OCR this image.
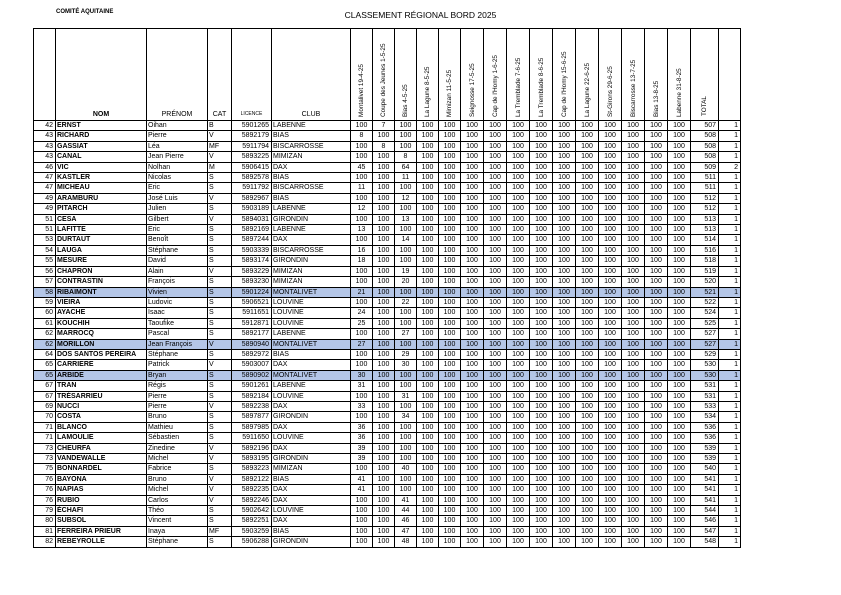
COMITÉ AQUITAINE	CLASSEMENT RÉGIONAL BORD 2025
	NOM	PRÉNOM	CAT	LICENCE	CLUB	Montalivet 19-4-25	Coupe des Jeunes 1-5-25	Bias 4-5-25	La Lagune 8-5-25	Mimizan 11-5-25	Seignosse 17-5-25	Cap de l'Homy 1-6-25	La Tremblade 7-6-25	La Tremblade 8-6-25	Cap de l'Homy 15-6-25	La Lagune 22-6-25	St-Girons 29-6-25	Biscarrosse 13-7-25	Bias 13-8-25	Labenne 31-8-25	TOTAL	
42	ERNST	Oihan	B	5901265	LABENNE	100	7	100	100	100	100	100	100	100	100	100	100	100	100	100	507	1
43	RICHARD	Pierre	V	5892179	BIAS	8	100	100	100	100	100	100	100	100	100	100	100	100	100	100	508	1
43	GASSIAT	Léa	MF	5911794	BISCARROSSE	100	8	100	100	100	100	100	100	100	100	100	100	100	100	100	508	1
43	CANAL	Jean Pierre	V	5893225	MIMIZAN	100	100	8	100	100	100	100	100	100	100	100	100	100	100	100	508	1
46	VIC	Nolhan	M	5906415	DAX	45	100	64	100	100	100	100	100	100	100	100	100	100	100	100	509	2
47	KASTLER	Nicolas	S	5892578	BIAS	100	100	11	100	100	100	100	100	100	100	100	100	100	100	100	511	1
47	MICHEAU	Eric	S	5911792	BISCARROSSE	11	100	100	100	100	100	100	100	100	100	100	100	100	100	100	511	1
49	ARAMBURU	José Luis	V	5892967	BIAS	100	100	12	100	100	100	100	100	100	100	100	100	100	100	100	512	1
49	PITARCH	Julien	S	5903189	LABENNE	12	100	100	100	100	100	100	100	100	100	100	100	100	100	100	512	1
51	CESA	Gilbert	V	5894031	GIRONDIN	100	100	13	100	100	100	100	100	100	100	100	100	100	100	100	513	1
51	LAFITTE	Eric	S	5892169	LABENNE	13	100	100	100	100	100	100	100	100	100	100	100	100	100	100	513	1
53	DURTAUT	Benoît	S	5897244	DAX	100	100	14	100	100	100	100	100	100	100	100	100	100	100	100	514	1
54	LAUGA	Stéphane	S	5903339	BISCARROSSE	16	100	100	100	100	100	100	100	100	100	100	100	100	100	100	516	1
55	MESURE	David	S	5893174	GIRONDIN	18	100	100	100	100	100	100	100	100	100	100	100	100	100	100	518	1
56	CHAPRON	Alain	V	5893229	MIMIZAN	100	100	19	100	100	100	100	100	100	100	100	100	100	100	100	519	1
57	CONTRASTIN	François	S	5893230	MIMIZAN	100	100	20	100	100	100	100	100	100	100	100	100	100	100	100	520	1
58	RIBAIMONT	Vivien	S	5901224	MONTALIVET	21	100	100	100	100	100	100	100	100	100	100	100	100	100	100	521	1
59	VIEIRA	Ludovic	S	5906521	LOUVINE	100	100	22	100	100	100	100	100	100	100	100	100	100	100	100	522	1
60	AYACHE	Isaac	S	5911651	LOUVINE	24	100	100	100	100	100	100	100	100	100	100	100	100	100	100	524	1
61	KOUCHIH	Taoufike	S	5912871	LOUVINE	25	100	100	100	100	100	100	100	100	100	100	100	100	100	100	525	1
62	MARROCQ	Pascal	S	5892177	LABENNE	100	100	27	100	100	100	100	100	100	100	100	100	100	100	100	527	1
62	MORILLON	Jean François	V	5890940	MONTALIVET	27	100	100	100	100	100	100	100	100	100	100	100	100	100	100	527	1
64	DOS SANTOS PEREIRA	Stéphane	S	5892972	BIAS	100	100	29	100	100	100	100	100	100	100	100	100	100	100	100	529	1
65	CARRIERE	Patrick	V	5903007	DAX	100	100	30	100	100	100	100	100	100	100	100	100	100	100	100	530	1
65	ARBIDE	Bryan	S	5890902	MONTALIVET	30	100	100	100	100	100	100	100	100	100	100	100	100	100	100	530	1
67	TRAN	Régis	S	5901261	LABENNE	31	100	100	100	100	100	100	100	100	100	100	100	100	100	100	531	1
67	TRÉSARRIEU	Pierre	S	5892184	LOUVINE	100	100	31	100	100	100	100	100	100	100	100	100	100	100	100	531	1
69	NUCCI	Pierre	V	5892238	DAX	33	100	100	100	100	100	100	100	100	100	100	100	100	100	100	533	1
70	COSTA	Bruno	S	5897877	GIRONDIN	100	100	34	100	100	100	100	100	100	100	100	100	100	100	100	534	1
71	BLANCO	Mathieu	S	5897985	DAX	36	100	100	100	100	100	100	100	100	100	100	100	100	100	100	536	1
71	LAMOULIE	Sébastien	S	5911650	LOUVINE	36	100	100	100	100	100	100	100	100	100	100	100	100	100	100	536	1
73	CHEURFA	Zinedine	V	5892196	DAX	39	100	100	100	100	100	100	100	100	100	100	100	100	100	100	539	1
73	VANDEWALLE	Michel	V	5893195	GIRONDIN	39	100	100	100	100	100	100	100	100	100	100	100	100	100	100	539	1
75	BONNARDEL	Fabrice	S	5893223	MIMIZAN	100	100	40	100	100	100	100	100	100	100	100	100	100	100	100	540	1
76	BAYONA	Bruno	V	5892122	BIAS	41	100	100	100	100	100	100	100	100	100	100	100	100	100	100	541	1
76	NAPIAS	Michel	V	5892235	DAX	41	100	100	100	100	100	100	100	100	100	100	100	100	100	100	541	1
76	RUBIO	Carlos	V	5892246	DAX	100	100	41	100	100	100	100	100	100	100	100	100	100	100	100	541	1
79	ÉCHAFI	Théo	S	5902642	LOUVINE	100	100	44	100	100	100	100	100	100	100	100	100	100	100	100	544	1
80	SUBSOL	Vincent	S	5892251	DAX	100	100	46	100	100	100	100	100	100	100	100	100	100	100	100	546	1
81	FERREIRA PRIEUR	Inaya	MF	5903259	BIAS	100	100	47	100	100	100	100	100	100	100	100	100	100	100	100	547	1
82	REBEYROLLE	Stéphane	S	5906288	GIRONDIN	100	100	48	100	100	100	100	100	100	100	100	100	100	100	100	548	1
